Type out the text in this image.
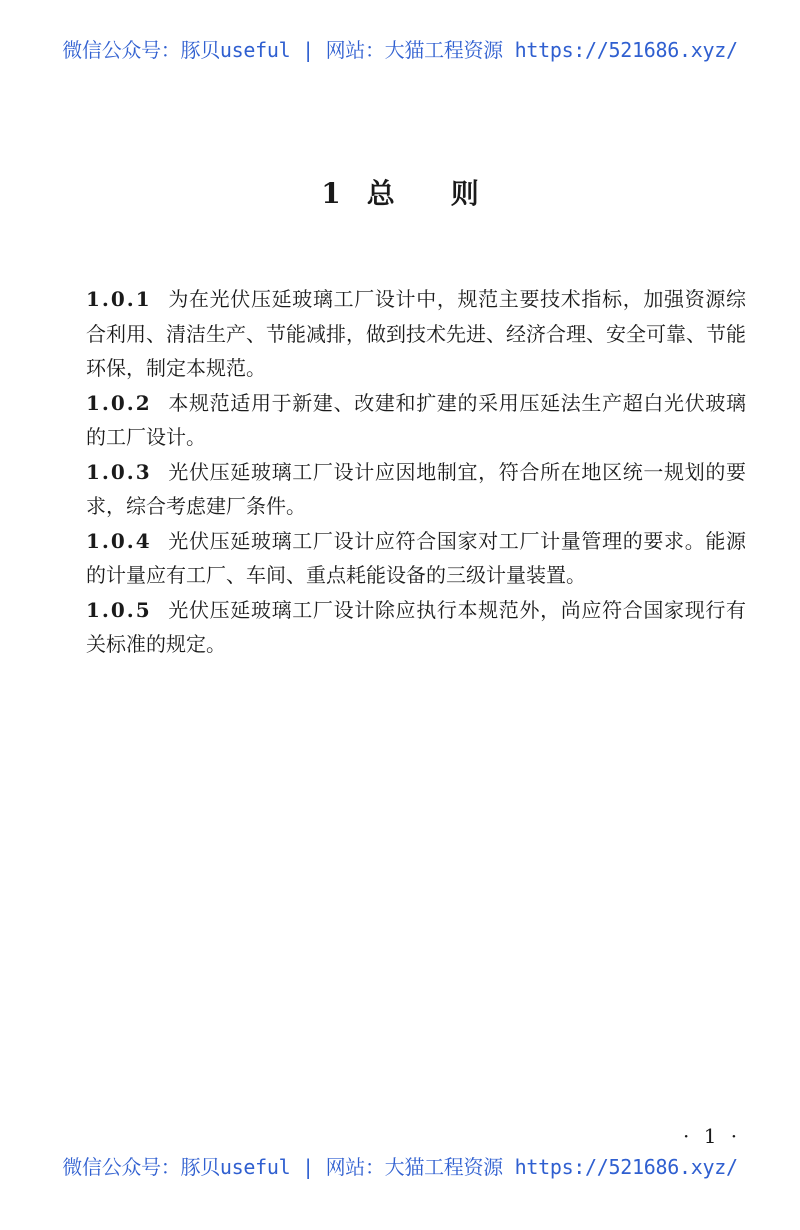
微信公众号：豚贝useful | 网站：大猫工程资源 https://521686.xyz/
1 总 则

1.0.1 为在光伏压延玻璃工厂设计中，规范主要技术指标，加强资源综合利用、清洁生产、节能减排，做到技术先进、经济合理、安全可靠、节能环保，制定本规范。

1.0.2 本规范适用于新建、改建和扩建的采用压延法生产超白光伏玻璃的工厂设计。

1.0.3 光伏压延玻璃工厂设计应因地制宜，符合所在地区统一规划的要求，综合考虑建厂条件。

1.0.4 光伏压延玻璃工厂设计应符合国家对工厂计量管理的要求。能源的计量应有工厂、车间、重点耗能设备的三级计量装置。

1.0.5 光伏压延玻璃工厂设计除应执行本规范外，尚应符合国家现行有关标准的规定。

· 1 ·
微信公众号：豚贝useful | 网站：大猫工程资源 https://521686.xyz/
